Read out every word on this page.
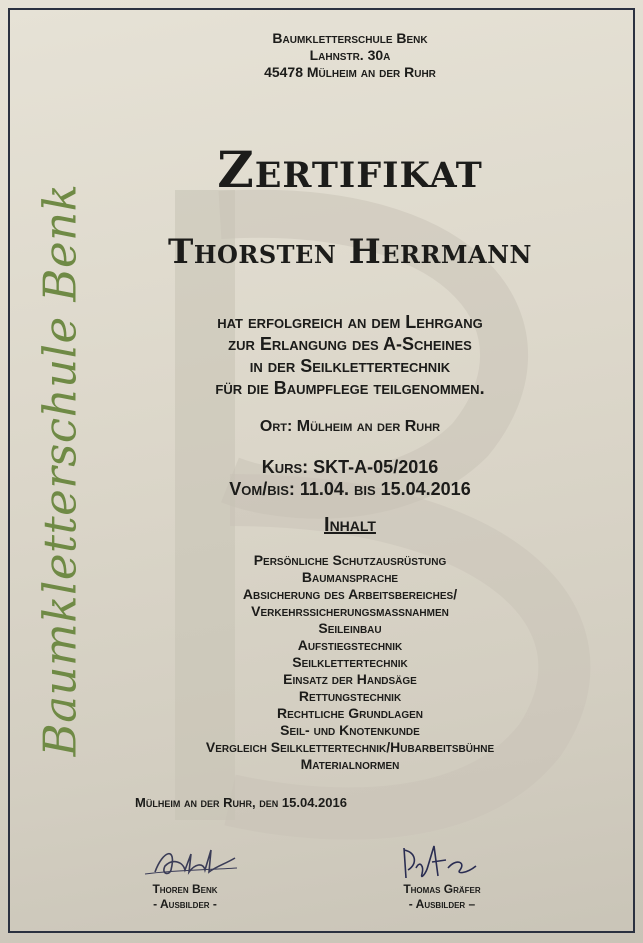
Baumkletterschule Benk
Baumkletterschule Benk
Lahnstr. 30a
45478 Mülheim an der Ruhr
Zertifikat
Thorsten Herrmann
hat erfolgreich an dem Lehrgang
zur Erlangung des A-Scheines
in der Seilklettertechnik
für die Baumpflege teilgenommen.
Ort: Mülheim an der Ruhr
Kurs: SKT-A-05/2016
Vom/bis: 11.04. bis 15.04.2016
Inhalt
Persönliche Schutzausrüstung
Baumansprache
Absicherung des Arbeitsbereiches/
Verkehrssicherungsmassnahmen
Seileinbau
Aufstiegstechnik
Seilklettertechnik
Einsatz der Handsäge
Rettungstechnik
Rechtliche Grundlagen
Seil- und Knotenkunde
Vergleich Seilklettertechnik/Hubarbeitsbühne
Materialnormen
Mülheim an der Ruhr, den 15.04.2016
Thoren Benk
- Ausbilder -
Thomas Gräfer
- Ausbilder –
